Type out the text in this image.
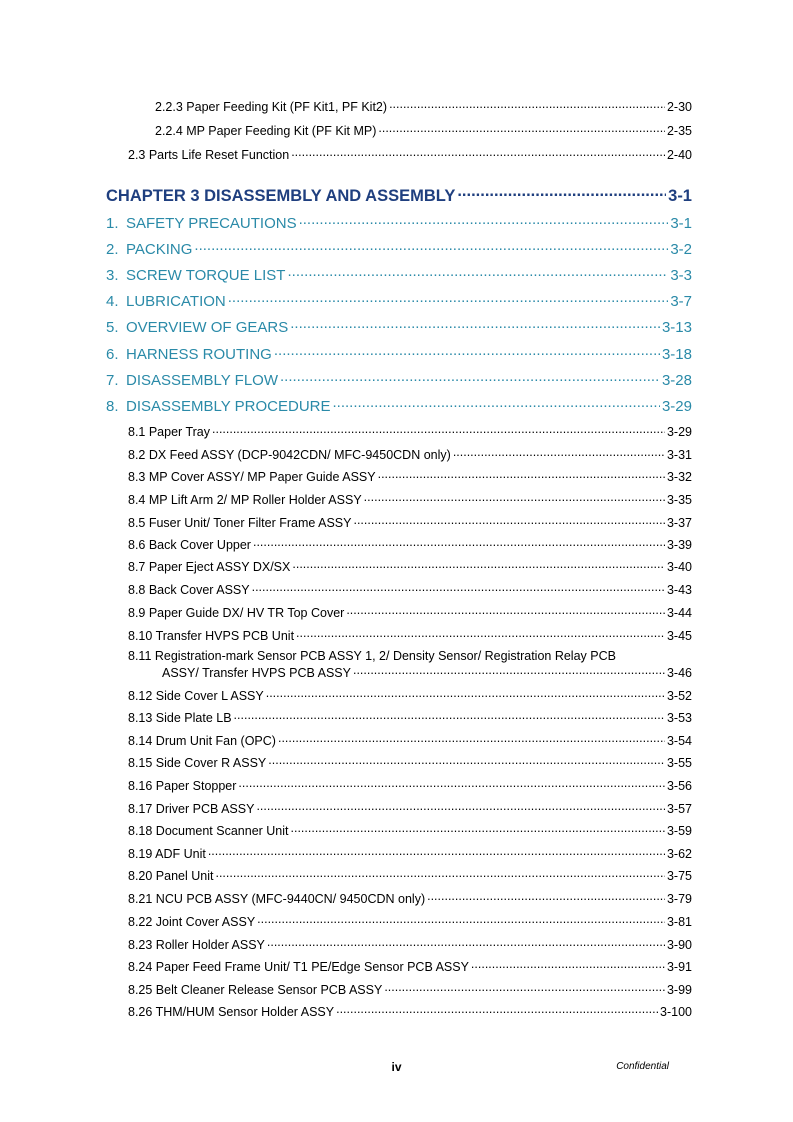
2.2.3 Paper Feeding Kit (PF Kit1, PF Kit2) .....	2-30
2.2.4 MP Paper Feeding Kit (PF Kit MP) .....	2-35
2.3 Parts Life Reset Function .....	2-40
CHAPTER 3 DISASSEMBLY AND ASSEMBLY .....	3-1
1. SAFETY PRECAUTIONS .....	3-1
2. PACKING .....	3-2
3. SCREW TORQUE LIST .....	3-3
4. LUBRICATION .....	3-7
5. OVERVIEW OF GEARS .....	3-13
6. HARNESS ROUTING .....	3-18
7. DISASSEMBLY FLOW .....	3-28
8. DISASSEMBLY PROCEDURE .....	3-29
8.1 Paper Tray .....	3-29
8.2 DX Feed ASSY (DCP-9042CDN/ MFC-9450CDN only) .....	3-31
8.3 MP Cover ASSY/ MP Paper Guide ASSY .....	3-32
8.4 MP Lift Arm 2/ MP Roller Holder ASSY .....	3-35
8.5 Fuser Unit/ Toner Filter Frame ASSY .....	3-37
8.6 Back Cover Upper .....	3-39
8.7 Paper Eject ASSY DX/SX .....	3-40
8.8 Back Cover ASSY .....	3-43
8.9 Paper Guide DX/ HV TR Top Cover .....	3-44
8.10 Transfer HVPS PCB Unit .....	3-45
8.11 Registration-mark Sensor PCB ASSY 1, 2/ Density Sensor/ Registration Relay PCB
ASSY/ Transfer HVPS PCB ASSY .....	3-46
8.12 Side Cover L ASSY .....	3-52
8.13 Side Plate LB .....	3-53
8.14 Drum Unit Fan (OPC) .....	3-54
8.15 Side Cover R ASSY .....	3-55
8.16 Paper Stopper .....	3-56
8.17 Driver PCB ASSY .....	3-57
8.18 Document Scanner Unit .....	3-59
8.19 ADF Unit .....	3-62
8.20 Panel Unit .....	3-75
8.21 NCU PCB ASSY (MFC-9440CN/ 9450CDN only) .....	3-79
8.22 Joint Cover ASSY .....	3-81
8.23 Roller Holder ASSY .....	3-90
8.24 Paper Feed Frame Unit/ T1 PE/Edge Sensor PCB ASSY .....	3-91
8.25 Belt Cleaner Release Sensor PCB ASSY .....	3-99
8.26 THM/HUM Sensor Holder ASSY .....	3-100
iv	Confidential
